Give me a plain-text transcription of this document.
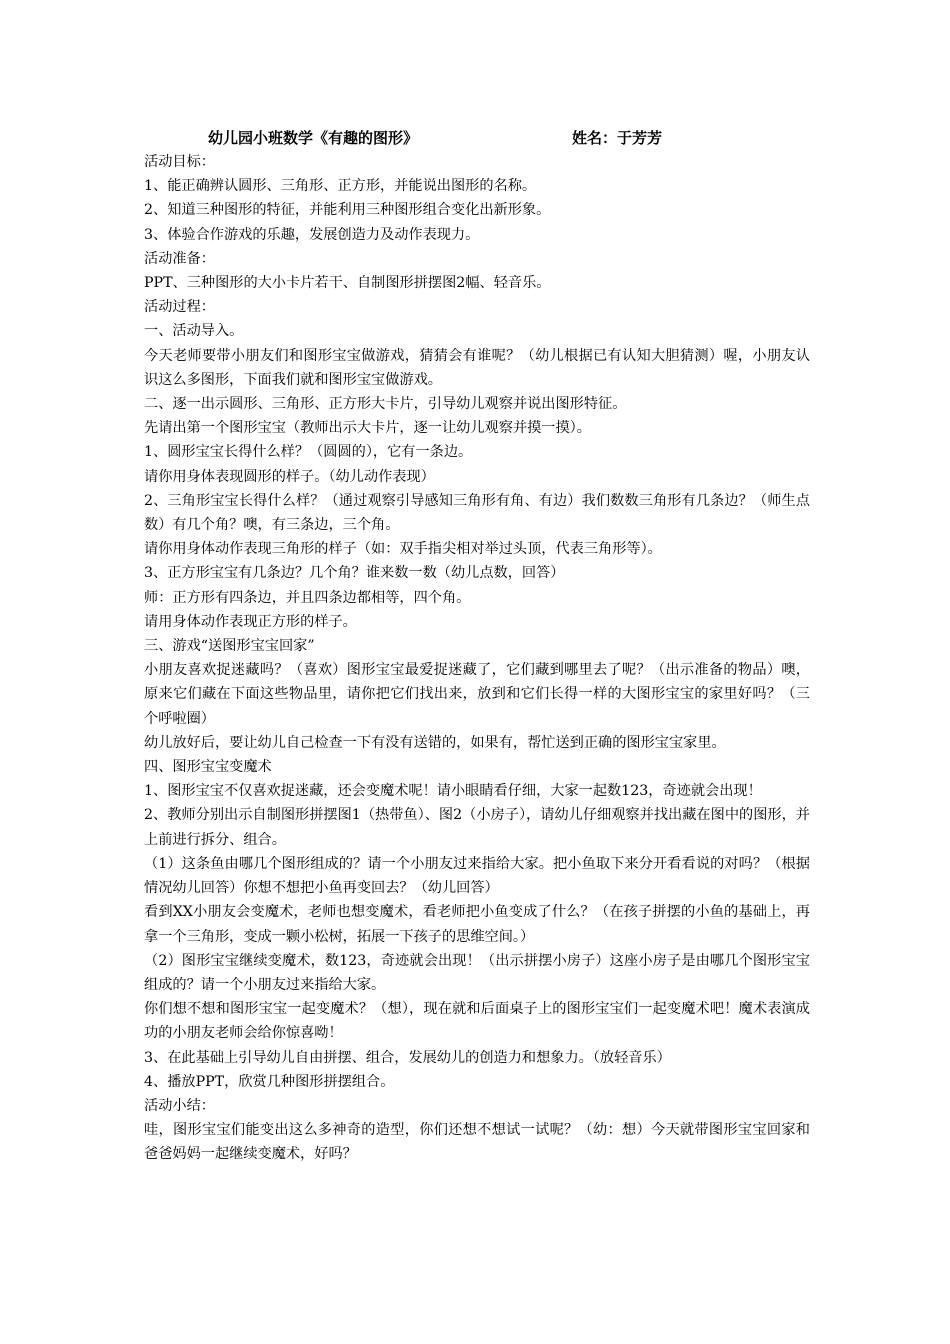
幼儿园小班数学《有趣的图形》	姓名：于芳芳
活动目标：
1、能正确辨认圆形、三角形、正方形，并能说出图形的名称。
2、知道三种图形的特征，并能利用三种图形组合变化出新形象。
3、体验合作游戏的乐趣，发展创造力及动作表现力。
活动准备：
PPT、三种图形的大小卡片若干、自制图形拼摆图2幅、轻音乐。
活动过程：
一、活动导入。
今天老师要带小朋友们和图形宝宝做游戏，猜猜会有谁呢？（幼儿根据已有认知大胆猜测）喔，小朋友认识这么多图形，下面我们就和图形宝宝做游戏。
二、逐一出示圆形、三角形、正方形大卡片，引导幼儿观察并说出图形特征。
先请出第一个图形宝宝（教师出示大卡片，逐一让幼儿观察并摸一摸）。
1、圆形宝宝长得什么样？（圆圆的），它有一条边。
请你用身体表现圆形的样子。（幼儿动作表现）
2、三角形宝宝长得什么样？（通过观察引导感知三角形有角、有边）我们数数三角形有几条边？（师生点数）有几个角？噢，有三条边，三个角。
请你用身体动作表现三角形的样子（如：双手指尖相对举过头顶，代表三角形等）。
3、正方形宝宝有几条边？几个角？谁来数一数（幼儿点数，回答）
师：正方形有四条边，并且四条边都相等，四个角。
请用身体动作表现正方形的样子。
三、游戏“送图形宝宝回家”
小朋友喜欢捉迷藏吗？（喜欢）图形宝宝最爱捉迷藏了，它们藏到哪里去了呢？（出示准备的物品）噢，原来它们藏在下面这些物品里，请你把它们找出来，放到和它们长得一样的大图形宝宝的家里好吗？（三个呼啦圈）
幼儿放好后，要让幼儿自己检查一下有没有送错的，如果有，帮忙送到正确的图形宝宝家里。
四、图形宝宝变魔术
1、图形宝宝不仅喜欢捉迷藏，还会变魔术呢！请小眼睛看仔细，大家一起数123，奇迹就会出现！
2、教师分别出示自制图形拼摆图1（热带鱼）、图2（小房子），请幼儿仔细观察并找出藏在图中的图形，并上前进行拆分、组合。
（1）这条鱼由哪几个图形组成的？请一个小朋友过来指给大家。把小鱼取下来分开看看说的对吗？（根据情况幼儿回答）你想不想把小鱼再变回去？（幼儿回答）
看到XX小朋友会变魔术，老师也想变魔术，看老师把小鱼变成了什么？（在孩子拼摆的小鱼的基础上，再拿一个三角形，变成一颗小松树，拓展一下孩子的思维空间。）
（2）图形宝宝继续变魔术，数123，奇迹就会出现！（出示拼摆小房子）这座小房子是由哪几个图形宝宝组成的？请一个小朋友过来指给大家。
你们想不想和图形宝宝一起变魔术？（想），现在就和后面桌子上的图形宝宝们一起变魔术吧！魔术表演成功的小朋友老师会给你惊喜呦！
3、在此基础上引导幼儿自由拼摆、组合，发展幼儿的创造力和想象力。（放轻音乐）
4、播放PPT，欣赏几种图形拼摆组合。
活动小结：
哇，图形宝宝们能变出这么多神奇的造型，你们还想不想试一试呢？（幼：想）今天就带图形宝宝回家和爸爸妈妈一起继续变魔术，好吗？
